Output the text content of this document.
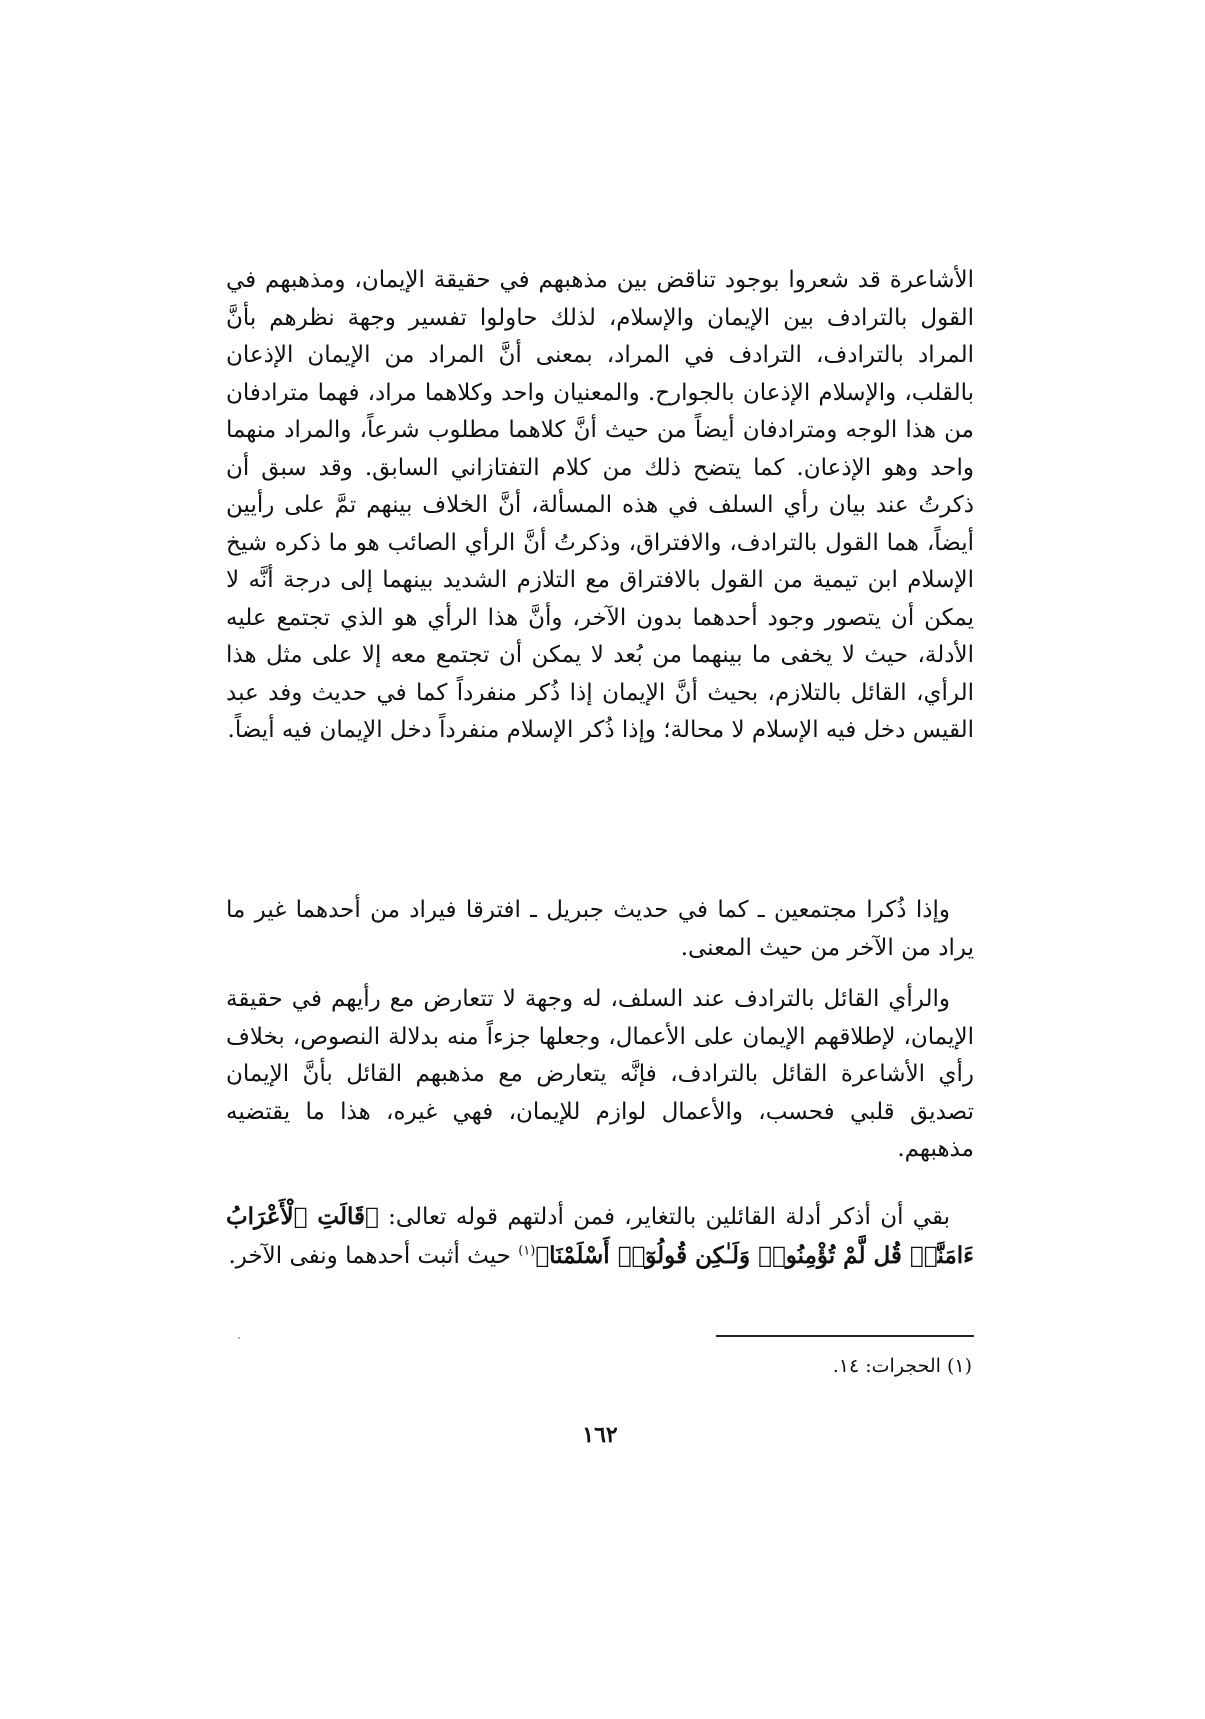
الأشاعرة قد شعروا بوجود تناقض بين مذهبهم في حقيقة الإيمان، ومذهبهم في القول بالترادف بين الإيمان والإسلام، لذلك حاولوا تفسير وجهة نظرهم بأنَّ المراد بالترادف، الترادف في المراد، بمعنى أنَّ المراد من الإيمان الإذعان بالقلب، والإسلام الإذعان بالجوارح. والمعنيان واحد وكلاهما مراد، فهما مترادفان من هذا الوجه ومترادفان أيضاً من حيث أنَّ كلاهما مطلوب شرعاً، والمراد منهما واحد وهو الإذعان. كما يتضح ذلك من كلام التفتازاني السابق. وقد سبق أن ذكرتُ عند بيان رأي السلف في هذه المسألة، أنَّ الخلاف بينهم تمَّ على رأيين أيضاً، هما القول بالترادف، والافتراق، وذكرتُ أنَّ الرأي الصائب هو ما ذكره شيخ الإسلام ابن تيمية من القول بالافتراق مع التلازم الشديد بينهما إلى درجة أنَّه لا يمكن أن يتصور وجود أحدهما بدون الآخر، وأنَّ هذا الرأي هو الذي تجتمع عليه الأدلة، حيث لا يخفى ما بينهما من بُعد لا يمكن أن تجتمع معه إلا على مثل هذا الرأي، القائل بالتلازم، بحيث أنَّ الإيمان إذا ذُكر منفرداً كما في حديث وفد عبد القيس دخل فيه الإسلام لا محالة؛ وإذا ذُكر الإسلام منفرداً دخل الإيمان فيه أيضاً.

وإذا ذُكرا مجتمعين ـ كما في حديث جبريل ـ افترقا فيراد من أحدهما غير ما يراد من الآخر من حيث المعنى.

والرأي القائل بالترادف عند السلف، له وجهة لا تتعارض مع رأيهم في حقيقة الإيمان، لإطلاقهم الإيمان على الأعمال، وجعلها جزءاً منه بدلالة النصوص، بخلاف رأي الأشاعرة القائل بالترادف، فإنَّه يتعارض مع مذهبهم القائل بأنَّ الإيمان تصديق قلبي فحسب، والأعمال لوازم للإيمان، فهي غيره، هذا ما يقتضيه مذهبهم.

بقي أن أذكر أدلة القائلين بالتغاير، فمن أدلتهم قوله تعالى: ﴿قَالَتِ ٱلْأَعْرَابُ ءَامَنَّاۖ قُل لَّمْ تُؤْمِنُوا۟ وَلَـٰكِن قُولُوٓا۟ أَسْلَمْنَا﴾$^{(١)}$ حيث أثبت أحدهما ونفى الآخر.

(١) الحجرات: ١٤.

١٦٢
